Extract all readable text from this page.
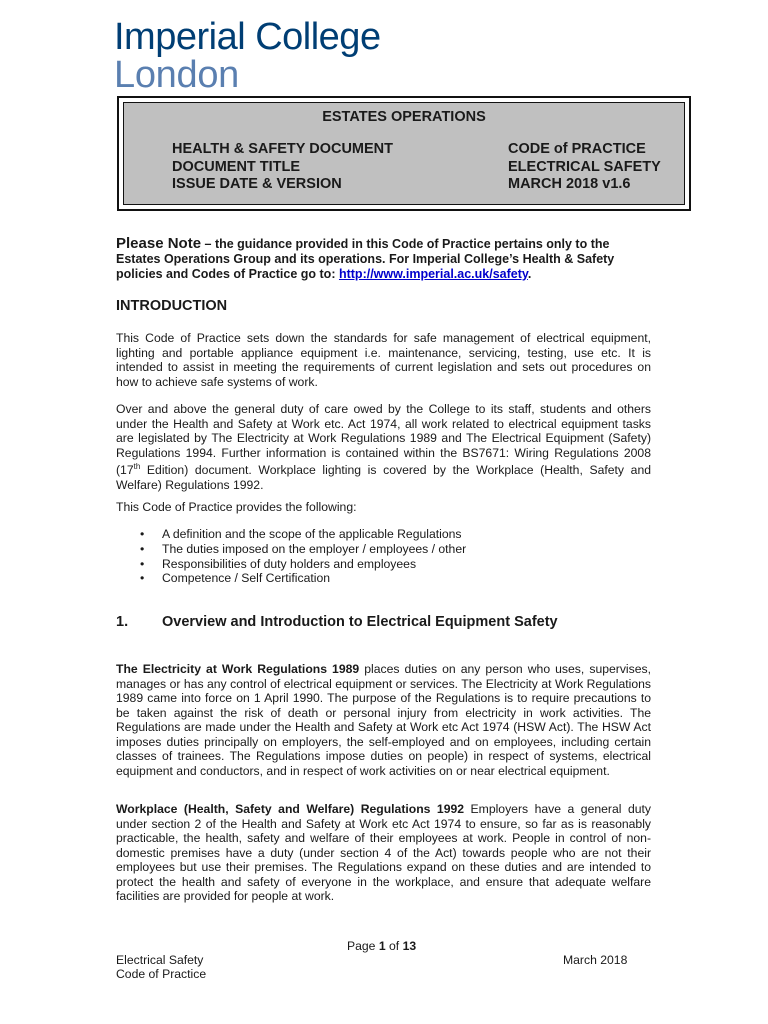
Imperial College
London
ESTATES OPERATIONS
HEALTH & SAFETY DOCUMENT	CODE of PRACTICE
DOCUMENT TITLE	ELECTRICAL SAFETY
ISSUE DATE & VERSION	MARCH 2018 v1.6
Please Note – the guidance provided in this Code of Practice pertains only to the Estates Operations Group and its operations. For Imperial College’s Health & Safety policies and Codes of Practice go to: http://www.imperial.ac.uk/safety.
INTRODUCTION
This Code of Practice sets down the standards for safe management of electrical equipment, lighting and portable appliance equipment i.e. maintenance, servicing, testing, use etc. It is intended to assist in meeting the requirements of current legislation and sets out procedures on how to achieve safe systems of work.
Over and above the general duty of care owed by the College to its staff, students and others under the Health and Safety at Work etc. Act 1974, all work related to electrical equipment tasks are legislated by The Electricity at Work Regulations 1989 and The Electrical Equipment (Safety) Regulations 1994. Further information is contained within the BS7671: Wiring Regulations 2008 (17th Edition) document. Workplace lighting is covered by the Workplace (Health, Safety and Welfare) Regulations 1992.
This Code of Practice provides the following:
• A definition and the scope of the applicable Regulations
• The duties imposed on the employer / employees / other
• Responsibilities of duty holders and employees
• Competence / Self Certification
1. Overview and Introduction to Electrical Equipment Safety
The Electricity at Work Regulations 1989 places duties on any person who uses, supervises, manages or has any control of electrical equipment or services. The Electricity at Work Regulations 1989 came into force on 1 April 1990. The purpose of the Regulations is to require precautions to be taken against the risk of death or personal injury from electricity in work activities. The Regulations are made under the Health and Safety at Work etc Act 1974 (HSW Act). The HSW Act imposes duties principally on employers, the self-employed and on employees, including certain classes of trainees. The Regulations impose duties on people) in respect of systems, electrical equipment and conductors, and in respect of work activities on or near electrical equipment.
Workplace (Health, Safety and Welfare) Regulations 1992 Employers have a general duty under section 2 of the Health and Safety at Work etc Act 1974 to ensure, so far as is reasonably practicable, the health, safety and welfare of their employees at work. People in control of non-domestic premises have a duty (under section 4 of the Act) towards people who are not their employees but use their premises. The Regulations expand on these duties and are intended to protect the health and safety of everyone in the workplace, and ensure that adequate welfare facilities are provided for people at work.
Page 1 of 13
Electrical Safety
Code of Practice
March 2018
